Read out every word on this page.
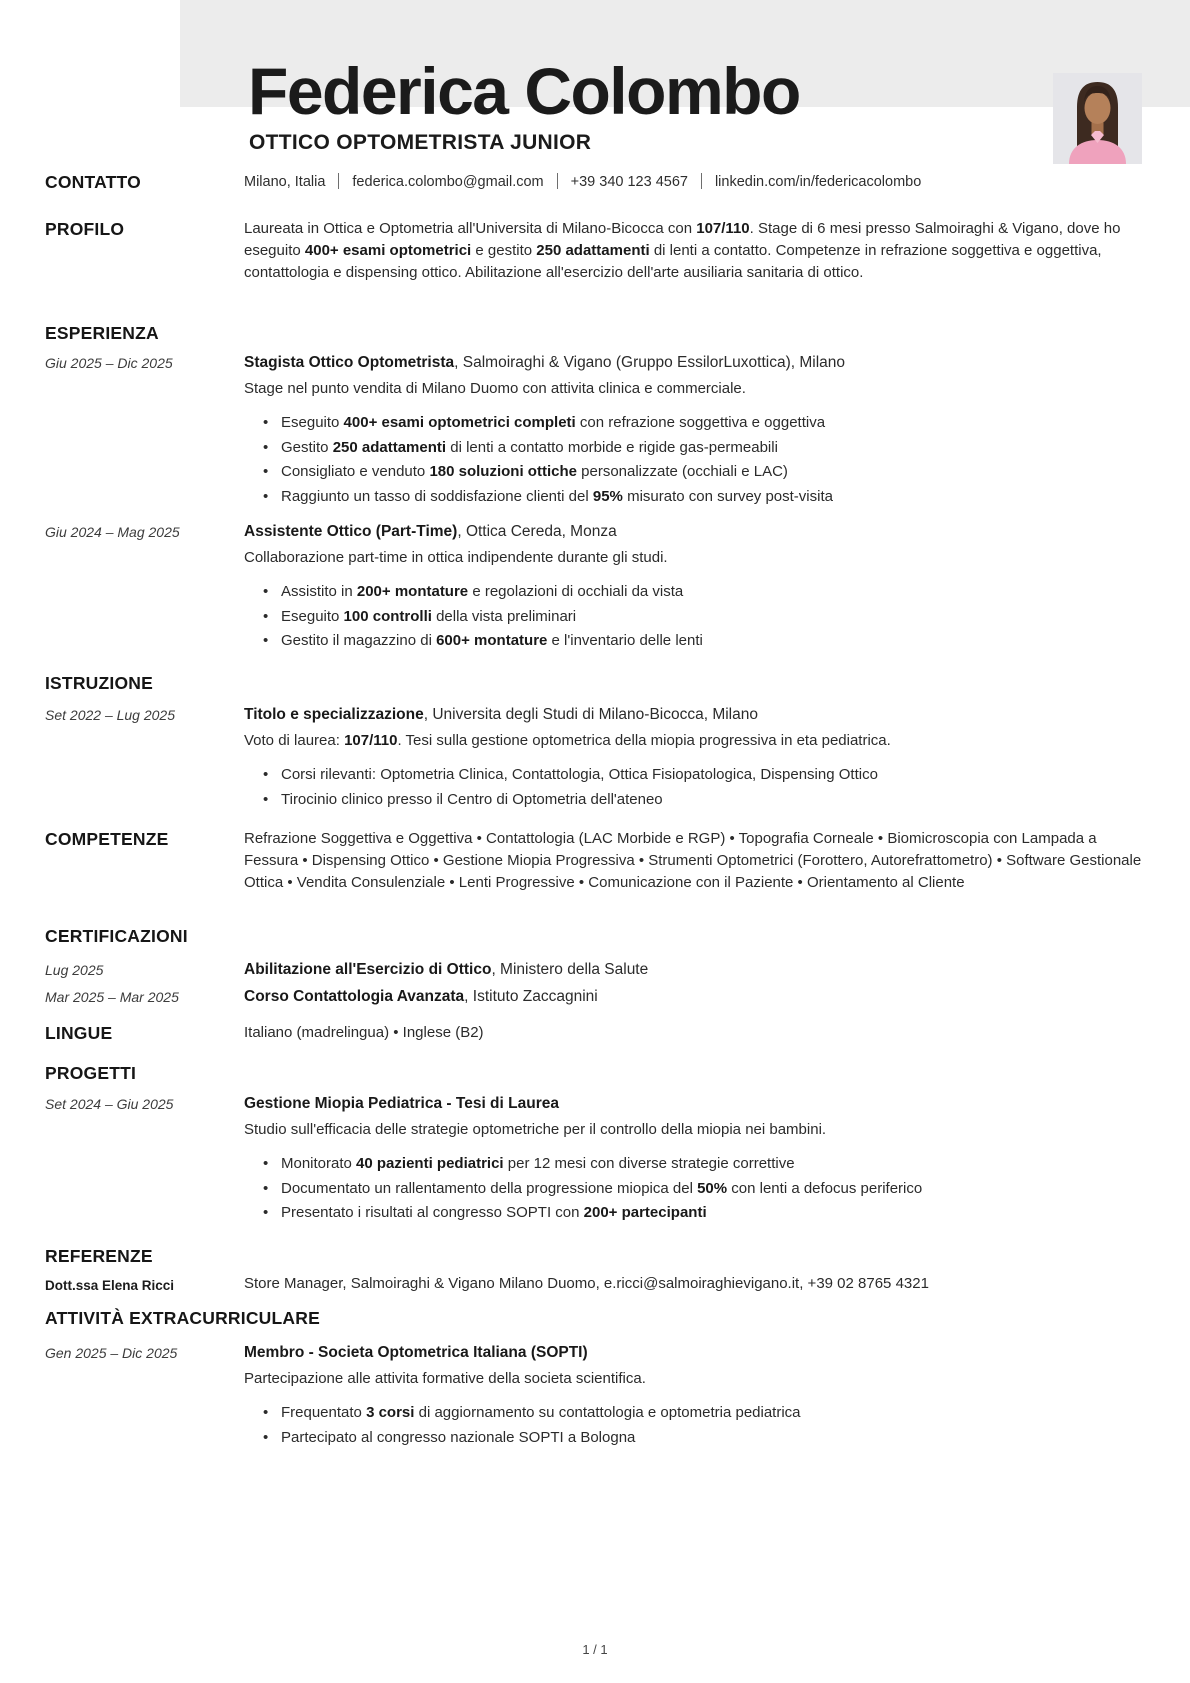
Federica Colombo
OTTICO OPTOMETRISTA JUNIOR
CONTATTO	Milano, Italia federica.colombo@gmail.com +39 340 123 4567 linkedin.com/in/federicacolombo
PROFILO	Laureata in Ottica e Optometria all'Universita di Milano-Bicocca con 107/110. Stage di 6 mesi presso Salmoiraghi & Vigano, dove ho eseguito 400+ esami optometrici e gestito 250 adattamenti di lenti a contatto. Competenze in refrazione soggettiva e oggettiva, contattologia e dispensing ottico. Abilitazione all'esercizio dell'arte ausiliaria sanitaria di ottico.
ESPERIENZA
Giu 2025 – Dic 2025	Stagista Ottico Optometrista, Salmoiraghi & Vigano (Gruppo EssilorLuxottica), Milano
Stage nel punto vendita di Milano Duomo con attivita clinica e commerciale.
• Eseguito 400+ esami optometrici completi con refrazione soggettiva e oggettiva
• Gestito 250 adattamenti di lenti a contatto morbide e rigide gas-permeabili
• Consigliato e venduto 180 soluzioni ottiche personalizzate (occhiali e LAC)
• Raggiunto un tasso di soddisfazione clienti del 95% misurato con survey post-visita
Giu 2024 – Mag 2025	Assistente Ottico (Part-Time), Ottica Cereda, Monza
Collaborazione part-time in ottica indipendente durante gli studi.
• Assistito in 200+ montature e regolazioni di occhiali da vista
• Eseguito 100 controlli della vista preliminari
• Gestito il magazzino di 600+ montature e l'inventario delle lenti
ISTRUZIONE
Set 2022 – Lug 2025	Titolo e specializzazione, Universita degli Studi di Milano-Bicocca, Milano
Voto di laurea: 107/110. Tesi sulla gestione optometrica della miopia progressiva in eta pediatrica.
• Corsi rilevanti: Optometria Clinica, Contattologia, Ottica Fisiopatologica, Dispensing Ottico
• Tirocinio clinico presso il Centro di Optometria dell'ateneo
COMPETENZE	Refrazione Soggettiva e Oggettiva • Contattologia (LAC Morbide e RGP) • Topografia Corneale • Biomicroscopia con Lampada a Fessura • Dispensing Ottico • Gestione Miopia Progressiva • Strumenti Optometrici (Forottero, Autorefrattometro) • Software Gestionale Ottica • Vendita Consulenziale • Lenti Progressive • Comunicazione con il Paziente • Orientamento al Cliente
CERTIFICAZIONI
Lug 2025	Abilitazione all'Esercizio di Ottico, Ministero della Salute
Mar 2025 – Mar 2025	Corso Contattologia Avanzata, Istituto Zaccagnini
LINGUE	Italiano (madrelingua) • Inglese (B2)
PROGETTI
Set 2024 – Giu 2025	Gestione Miopia Pediatrica - Tesi di Laurea
Studio sull'efficacia delle strategie optometriche per il controllo della miopia nei bambini.
• Monitorato 40 pazienti pediatrici per 12 mesi con diverse strategie correttive
• Documentato un rallentamento della progressione miopica del 50% con lenti a defocus periferico
• Presentato i risultati al congresso SOPTI con 200+ partecipanti
REFERENZE
Dott.ssa Elena Ricci	Store Manager, Salmoiraghi & Vigano Milano Duomo, e.ricci@salmoiraghievigano.it, +39 02 8765 4321
ATTIVITÀ EXTRACURRICULARE
Gen 2025 – Dic 2025	Membro - Societa Optometrica Italiana (SOPTI)
Partecipazione alle attivita formative della societa scientifica.
• Frequentato 3 corsi di aggiornamento su contattologia e optometria pediatrica
• Partecipato al congresso nazionale SOPTI a Bologna
1 / 1
